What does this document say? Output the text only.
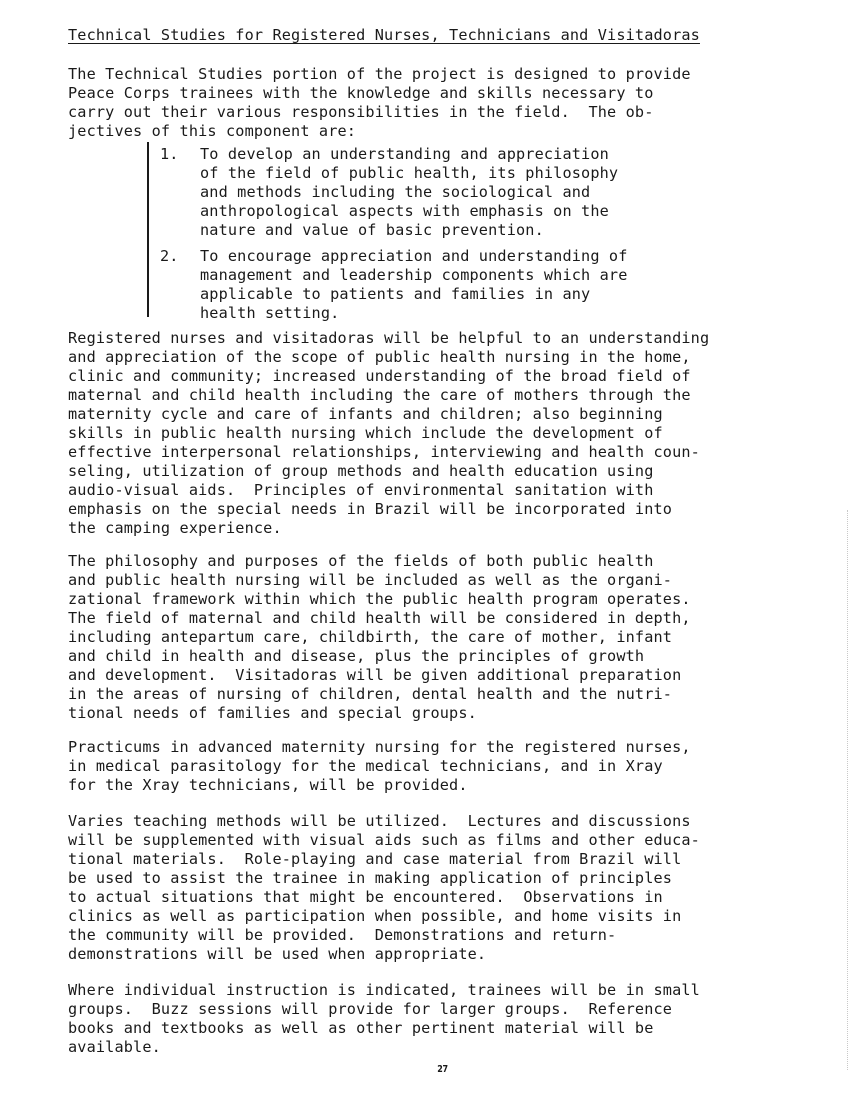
Technical Studies for Registered Nurses, Technicians and Visitadoras
The Technical Studies portion of the project is designed to provide
Peace Corps trainees with the knowledge and skills necessary to
carry out their various responsibilities in the field.  The ob-
jectives of this component are:
1. To develop an understanding and appreciation
of the field of public health, its philosophy
and methods including the sociological and
anthropological aspects with emphasis on the
nature and value of basic prevention.
2. To encourage appreciation and understanding of
management and leadership components which are
applicable to patients and families in any
health setting.
Registered nurses and visitadoras will be helpful to an understanding
and appreciation of the scope of public health nursing in the home,
clinic and community; increased understanding of the broad field of
maternal and child health including the care of mothers through the
maternity cycle and care of infants and children; also beginning
skills in public health nursing which include the development of
effective interpersonal relationships, interviewing and health coun-
seling, utilization of group methods and health education using
audio-visual aids.  Principles of environmental sanitation with
emphasis on the special needs in Brazil will be incorporated into
the camping experience.
The philosophy and purposes of the fields of both public health
and public health nursing will be included as well as the organi-
zational framework within which the public health program operates.
The field of maternal and child health will be considered in depth,
including antepartum care, childbirth, the care of mother, infant
and child in health and disease, plus the principles of growth
and development.  Visitadoras will be given additional preparation
in the areas of nursing of children, dental health and the nutri-
tional needs of families and special groups.
Practicums in advanced maternity nursing for the registered nurses,
in medical parasitology for the medical technicians, and in Xray
for the Xray technicians, will be provided.
Varies teaching methods will be utilized.  Lectures and discussions
will be supplemented with visual aids such as films and other educa-
tional materials.  Role-playing and case material from Brazil will
be used to assist the trainee in making application of principles
to actual situations that might be encountered.  Observations in
clinics as well as participation when possible, and home visits in
the community will be provided.  Demonstrations and return-
demonstrations will be used when appropriate.
Where individual instruction is indicated, trainees will be in small
groups.  Buzz sessions will provide for larger groups.  Reference
books and textbooks as well as other pertinent material will be
available.
27
